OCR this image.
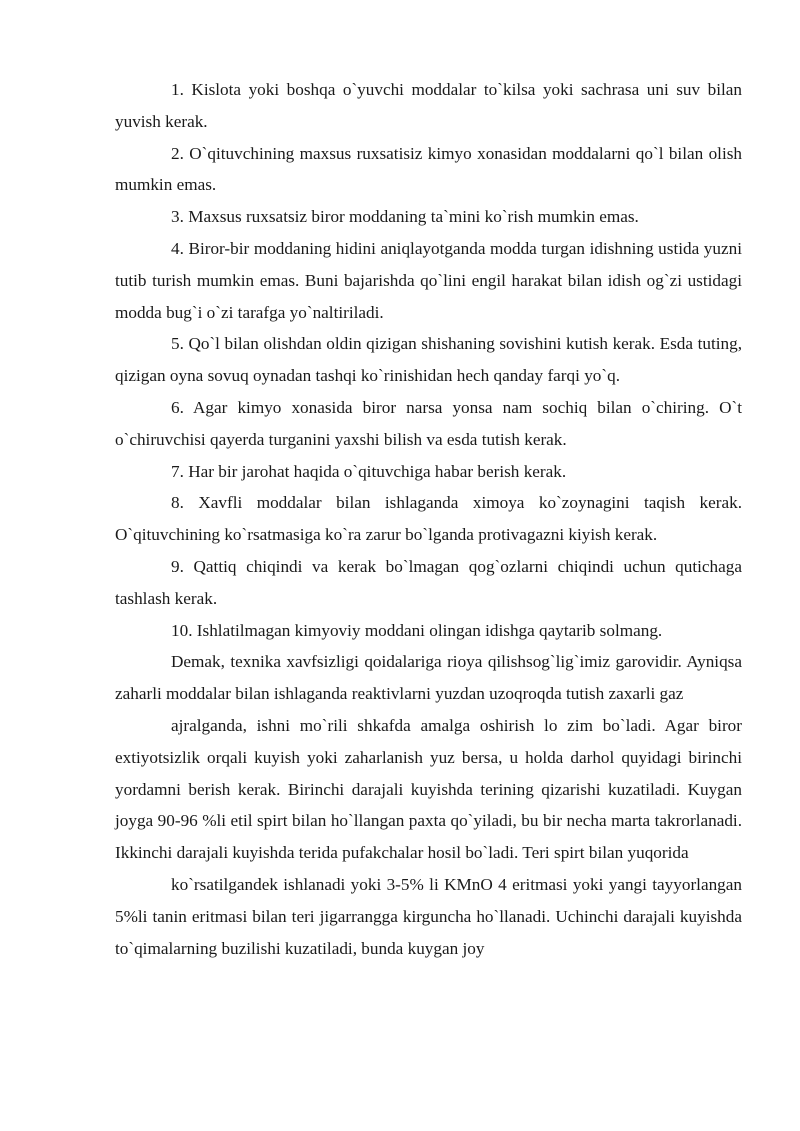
1. Kislota yoki boshqa o`yuvchi moddalar to`kilsa yoki sachrasa uni suv bilan yuvish kerak.

2. O`qituvchining maxsus ruxsatisiz kimyo xonasidan moddalarni qo`l bilan olish mumkin emas.

3. Maxsus ruxsatsiz biror moddaning ta`mini ko`rish mumkin emas.

4. Biror-bir moddaning hidini aniqlayotganda modda turgan idishning ustida yuzni tutib turish mumkin emas. Buni bajarishda qo`lini engil harakat bilan idish og`zi ustidagi modda bug`i o`zi tarafga yo`naltiriladi.

5. Qo`l bilan olishdan oldin qizigan shishaning sovishini kutish kerak. Esda tuting, qizigan oyna sovuq oynadan tashqi ko`rinishidan hech qanday farqi yo`q.

6. Agar kimyo xonasida biror narsa yonsa nam sochiq bilan o`chiring. O`t o`chiruvchisi qayerda turganini yaxshi bilish va esda tutish kerak.

7. Har bir jarohat haqida o`qituvchiga habar berish kerak.

8. Xavfli moddalar bilan ishlaganda ximoya ko`zoynagini taqish kerak. O`qituvchining ko`rsatmasiga ko`ra zarur bo`lganda protivagazni kiyish kerak.

9. Qattiq chiqindi va kerak bo`lmagan qog`ozlarni chiqindi uchun qutichaga tashlash kerak.

10. Ishlatilmagan kimyoviy moddani olingan idishga qaytarib solmang.

Demak, texnika xavfsizligi qoidalariga rioya qilishsog`lig`imiz garovidir. Ayniqsa zaharli moddalar bilan ishlaganda reaktivlarni yuzdan uzoqroqda tutish zaxarli gaz

ajralganda, ishni mo`rili shkafda amalga oshirish lo zim bo`ladi. Agar biror extiyotsizlik orqali kuyish yoki zaharlanish yuz bersa, u holda darhol quyidagi birinchi yordamni berish kerak. Birinchi darajali kuyishda terining qizarishi kuzatiladi. Kuygan joyga 90-96 %li etil spirt bilan ho`llangan paxta qo`yiladi, bu bir necha marta takrorlanadi. Ikkinchi darajali kuyishda terida pufakchalar hosil bo`ladi. Teri spirt bilan yuqorida

ko`rsatilgandek ishlanadi yoki 3-5% li KMnO 4 eritmasi yoki yangi tayyorlangan 5%li tanin eritmasi bilan teri jigarrangga kirguncha ho`llanadi. Uchinchi darajali kuyishda to`qimalarning buzilishi kuzatiladi, bunda kuygan joy
